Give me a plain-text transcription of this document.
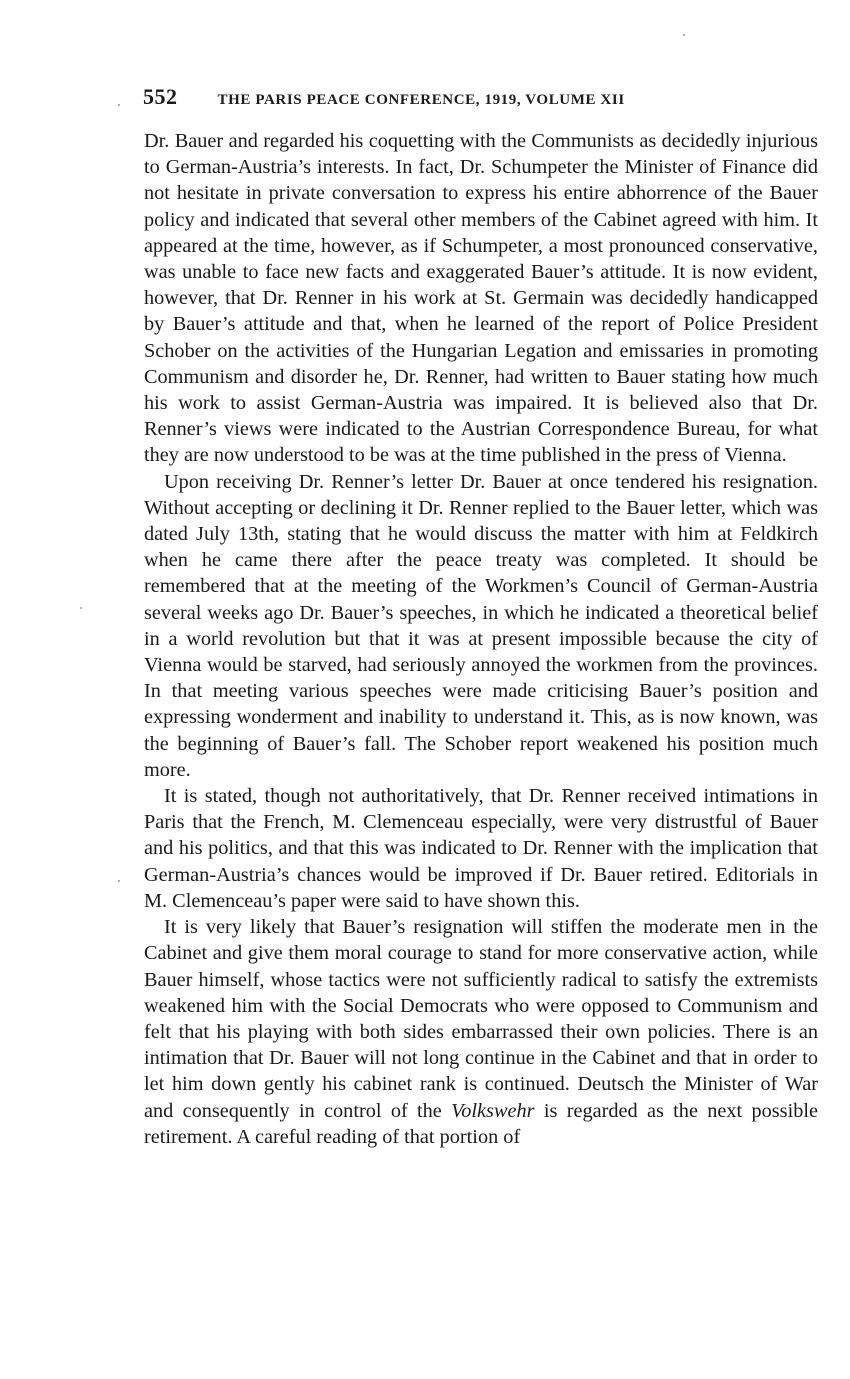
552	THE PARIS PEACE CONFERENCE, 1919, VOLUME XII

Dr. Bauer and regarded his coquetting with the Communists as decidedly injurious to German-Austria’s interests. In fact, Dr. Schumpeter the Minister of Finance did not hesitate in private conversation to express his entire abhorrence of the Bauer policy and indicated that several other members of the Cabinet agreed with him. It appeared at the time, however, as if Schumpeter, a most pronounced conservative, was unable to face new facts and exaggerated Bauer’s attitude. It is now evident, however, that Dr. Renner in his work at St. Germain was decidedly handicapped by Bauer’s attitude and that, when he learned of the report of Police President Schober on the activities of the Hungarian Legation and emissaries in promoting Communism and disorder he, Dr. Renner, had written to Bauer stating how much his work to assist German-Austria was impaired. It is believed also that Dr. Renner’s views were indicated to the Austrian Correspondence Bureau, for what they are now understood to be was at the time published in the press of Vienna.

Upon receiving Dr. Renner’s letter Dr. Bauer at once tendered his resignation. Without accepting or declining it Dr. Renner replied to the Bauer letter, which was dated July 13th, stating that he would discuss the matter with him at Feldkirch when he came there after the peace treaty was completed. It should be remembered that at the meeting of the Workmen’s Council of German-Austria several weeks ago Dr. Bauer’s speeches, in which he indicated a theoretical belief in a world revolution but that it was at present impossible because the city of Vienna would be starved, had seriously annoyed the workmen from the provinces. In that meeting various speeches were made criticising Bauer’s position and expressing wonderment and inability to understand it. This, as is now known, was the beginning of Bauer’s fall. The Schober report weakened his position much more.

It is stated, though not authoritatively, that Dr. Renner received intimations in Paris that the French, M. Clemenceau especially, were very distrustful of Bauer and his politics, and that this was indicated to Dr. Renner with the implication that German-Austria’s chances would be improved if Dr. Bauer retired. Editorials in M. Clemenceau’s paper were said to have shown this.

It is very likely that Bauer’s resignation will stiffen the moderate men in the Cabinet and give them moral courage to stand for more conservative action, while Bauer himself, whose tactics were not sufficiently radical to satisfy the extremists weakened him with the Social Democrats who were opposed to Communism and felt that his playing with both sides embarrassed their own policies. There is an intimation that Dr. Bauer will not long continue in the Cabinet and that in order to let him down gently his cabinet rank is continued. Deutsch the Minister of War and consequently in control of the Volkswehr is regarded as the next possible retirement. A careful reading of that portion of
